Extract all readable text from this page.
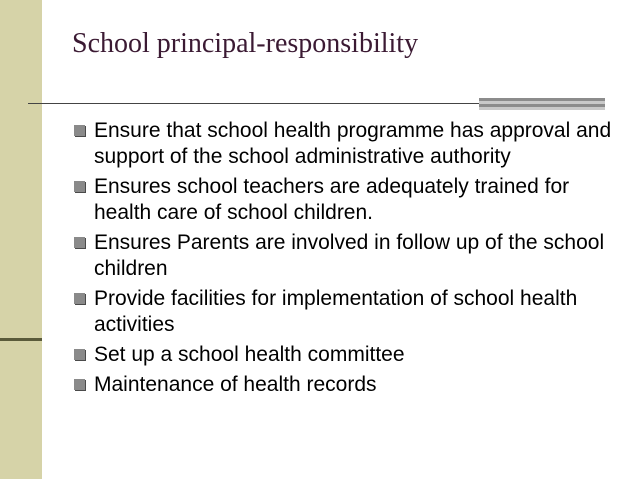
School principal-responsibility
Ensure that school health programme has approval and support of the school administrative authority
Ensures school teachers are adequately trained for health care of school children.
Ensures Parents are involved in follow up of the school children
Provide facilities for implementation of school health activities
Set up a school health committee
Maintenance of health records
